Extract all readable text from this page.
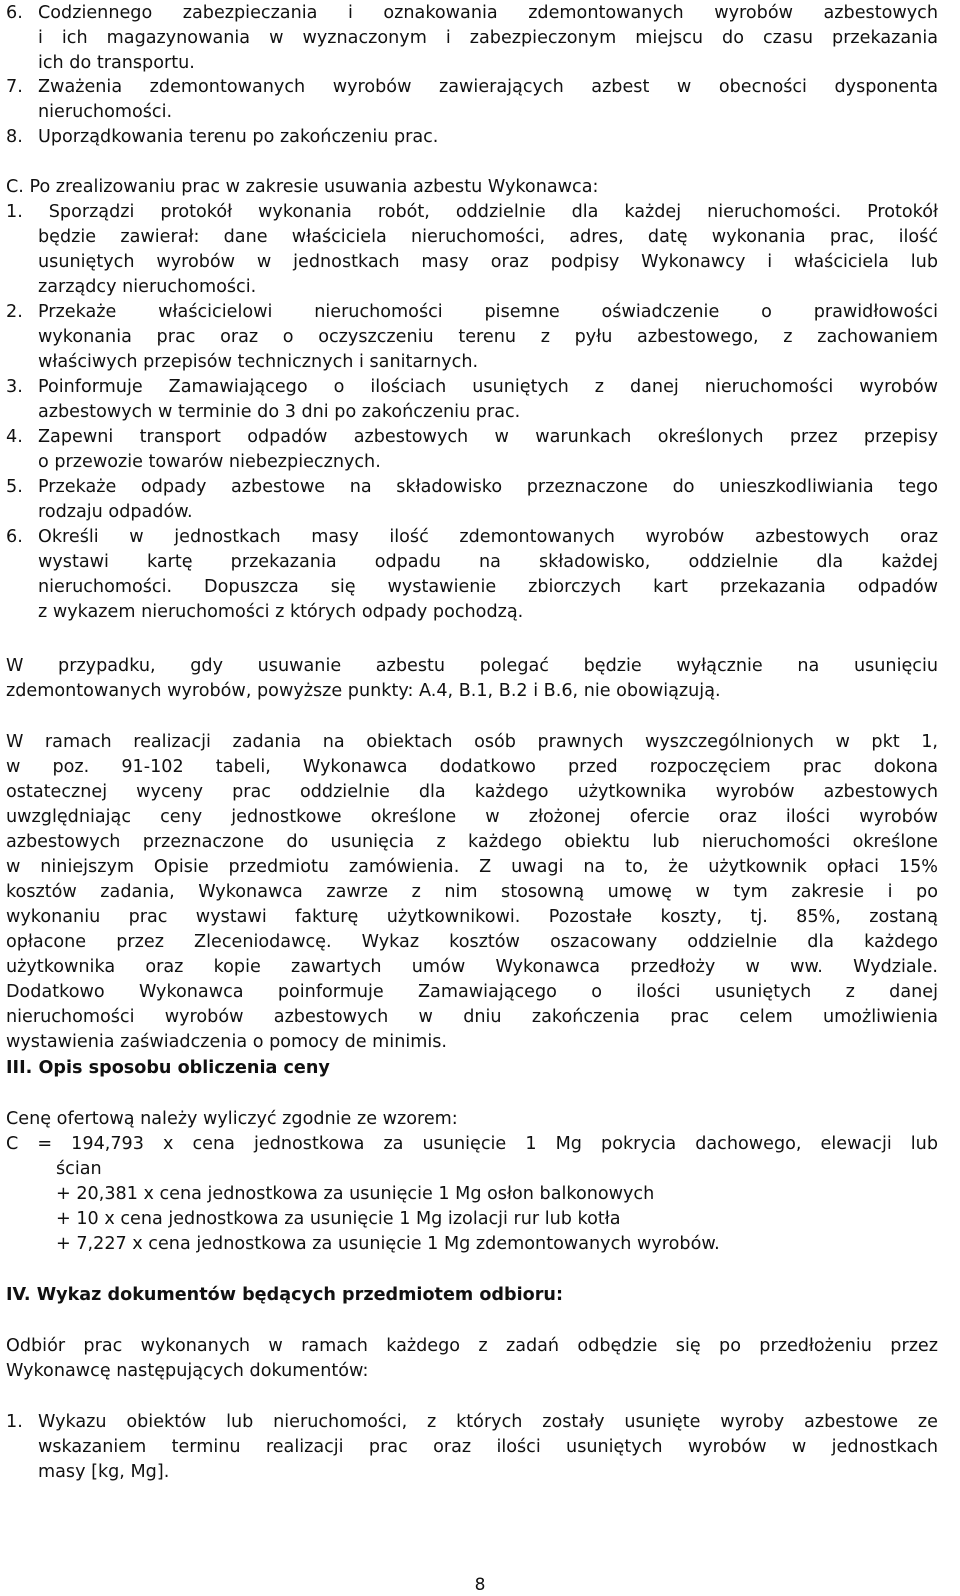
6. Codziennego zabezpieczania i oznakowania zdemontowanych wyrobów azbestowych
i ich magazynowania w wyznaczonym i zabezpieczonym miejscu do czasu przekazania
ich do transportu.
7. Zważenia zdemontowanych wyrobów zawierających azbest w obecności dysponenta
nieruchomości.
8. Uporządkowania terenu po zakończeniu prac.
C. Po zrealizowaniu prac w zakresie usuwania azbestu Wykonawca:
1. Sporządzi protokół wykonania robót, oddzielnie dla każdej nieruchomości. Protokół
będzie zawierał: dane właściciela nieruchomości, adres, datę wykonania prac, ilość
usuniętych wyrobów w jednostkach masy oraz podpisy Wykonawcy i właściciela lub
zarządcy nieruchomości.
2. Przekaże właścicielowi nieruchomości pisemne oświadczenie o prawidłowości
wykonania prac oraz o oczyszczeniu terenu z pyłu azbestowego, z zachowaniem
właściwych przepisów technicznych i sanitarnych.
3. Poinformuje Zamawiającego o ilościach usuniętych z danej nieruchomości wyrobów
azbestowych w terminie do 3 dni po zakończeniu prac.
4. Zapewni transport odpadów azbestowych w warunkach określonych przez przepisy
o przewozie towarów niebezpiecznych.
5. Przekaże odpady azbestowe na składowisko przeznaczone do unieszkodliwiania tego
rodzaju odpadów.
6. Określi w jednostkach masy ilość zdemontowanych wyrobów azbestowych oraz
wystawi kartę przekazania odpadu na składowisko, oddzielnie dla każdej
nieruchomości. Dopuszcza się wystawienie zbiorczych kart przekazania odpadów
z wykazem nieruchomości z których odpady pochodzą.
W przypadku, gdy usuwanie azbestu polegać będzie wyłącznie na usunięciu
zdemontowanych wyrobów, powyższe punkty: A.4, B.1, B.2 i B.6, nie obowiązują.
W ramach realizacji zadania na obiektach osób prawnych wyszczególnionych w pkt 1,
w poz. 91-102 tabeli, Wykonawca dodatkowo przed rozpoczęciem prac dokona
ostatecznej wyceny prac oddzielnie dla każdego użytkownika wyrobów azbestowych
uwzględniając ceny jednostkowe określone w złożonej ofercie oraz ilości wyrobów
azbestowych przeznaczone do usunięcia z każdego obiektu lub nieruchomości określone
w niniejszym Opisie przedmiotu zamówienia. Z uwagi na to, że użytkownik opłaci 15%
kosztów zadania, Wykonawca zawrze z nim stosowną umowę w tym zakresie i po
wykonaniu prac wystawi fakturę użytkownikowi. Pozostałe koszty, tj. 85%, zostaną
opłacone przez Zleceniodawcę. Wykaz kosztów oszacowany oddzielnie dla każdego
użytkownika oraz kopie zawartych umów Wykonawca przedłoży w ww. Wydziale.
Dodatkowo Wykonawca poinformuje Zamawiającego o ilości usuniętych z danej
nieruchomości wyrobów azbestowych w dniu zakończenia prac celem umożliwienia
wystawienia zaświadczenia o pomocy de minimis.
III. Opis sposobu obliczenia ceny
Cenę ofertową należy wyliczyć zgodnie ze wzorem:
C = 194,793 x cena jednostkowa za usunięcie 1 Mg pokrycia dachowego, elewacji lub
ścian
+ 20,381 x cena jednostkowa za usunięcie 1 Mg osłon balkonowych
+ 10 x cena jednostkowa za usunięcie 1 Mg izolacji rur lub kotła
+ 7,227 x cena jednostkowa za usunięcie 1 Mg zdemontowanych wyrobów.
IV. Wykaz dokumentów będących przedmiotem odbioru:
Odbiór prac wykonanych w ramach każdego z zadań odbędzie się po przedłożeniu przez
Wykonawcę następujących dokumentów:
1. Wykazu obiektów lub nieruchomości, z których zostały usunięte wyroby azbestowe ze
wskazaniem terminu realizacji prac oraz ilości usuniętych wyrobów w jednostkach
masy [kg, Mg].
8
